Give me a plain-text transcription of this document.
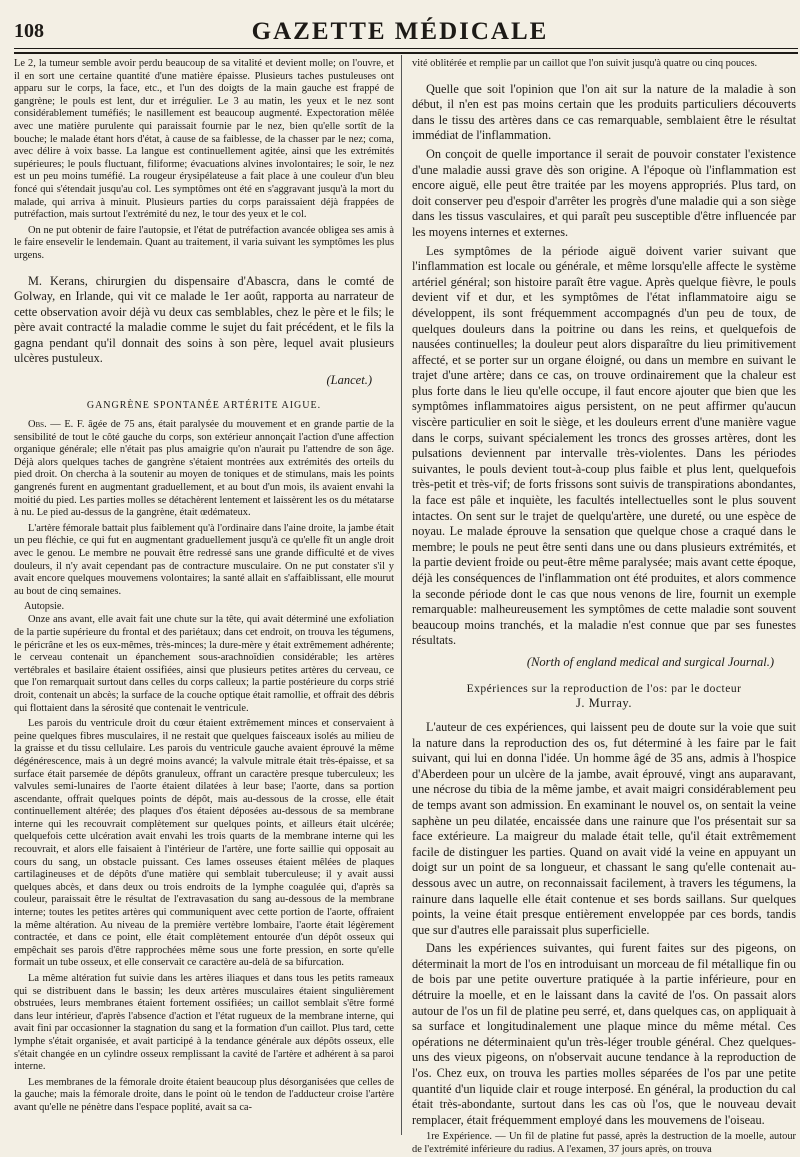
108	GAZETTE MÉDICALE

Le 2, la tumeur semble avoir perdu beaucoup de sa vitalité et devient molle; on l'ouvre, et il en sort une certaine quantité d'une matière épaisse. Plusieurs taches pustuleuses ont apparu sur le corps, la face, etc., et l'un des doigts de la main gauche est frappé de gangrène; le pouls est lent, dur et irrégulier. Le 3 au matin, les yeux et le nez sont considérablement tuméfiés; le nasillement est beaucoup augmenté. Expectoration mêlée avec une matière purulente qui paraissait fournie par le nez, bien qu'elle sortît de la bouche; le malade étant hors d'état, à cause de sa faiblesse, de la chasser par le nez; coma, avec délire à voix basse. La langue est continuellement agitée, ainsi que les extrémités supérieures; le pouls fluctuant, filiforme; évacuations alvines involontaires; le soir, le nez est un peu moins tuméfié. La rougeur érysipélateuse a fait place à une couleur d'un bleu foncé qui s'étendait jusqu'au col. Les symptômes ont été en s'aggravant jusqu'à la mort du malade, qui arriva à minuit. Plusieurs parties du corps paraissaient déjà frappées de putréfaction, mais surtout l'extrémité du nez, le tour des yeux et le col.

On ne put obtenir de faire l'autopsie, et l'état de putréfaction avancée obligea ses amis à le faire ensevelir le lendemain. Quant au traitement, il varia suivant les symptômes les plus urgens.

M. Kerans, chirurgien du dispensaire d'Abascra, dans le comté de Golway, en Irlande, qui vit ce malade le 1er août, rapporta au narrateur de cette observation avoir déjà vu deux cas semblables, chez le père et le fils; le père avait contracté la maladie comme le sujet du fait précédent, et le fils la gagna pendant qu'il donnait des soins à son père, lequel avait plusieurs ulcères pustuleux.

(Lancet.)

GANGRÈNE SPONTANÉE ARTÉRITE AIGUE.

Obs. — E. F. âgée de 75 ans, était paralysée du mouvement et en grande partie de la sensibilité de tout le côté gauche du corps, son extérieur annonçait l'action d'une affection organique générale; elle n'était pas plus amaigrie qu'on n'aurait pu l'attendre de son âge. Déjà alors quelques taches de gangrène s'étaient montrées aux extrémités des orteils du pied droit. On chercha à la soutenir au moyen de toniques et de stimulans, mais les points gangrenés furent en augmentant graduellement, et au bout d'un mois, ils avaient envahi la moitié du pied. Les parties molles se détachèrent lentement et laissèrent les os du métatarse à nu. Le pied au-dessus de la gangrène, était œdémateux.

L'artère fémorale battait plus faiblement qu'à l'ordinaire dans l'aine droite, la jambe était un peu fléchie, ce qui fut en augmentant graduellement jusqu'à ce qu'elle fît un angle droit avec le genou. Le membre ne pouvait être redressé sans une grande difficulté et de vives douleurs, il n'y avait cependant pas de contracture musculaire. On ne put constater s'il y avait encore quelques mouvemens volontaires; la santé allait en s'affaiblissant, elle mourut au bout de cinq semaines.

Autopsie.

Onze ans avant, elle avait fait une chute sur la tête, qui avait déterminé une exfoliation de la partie supérieure du frontal et des pariétaux; dans cet endroit, on trouva les tégumens, le péricrâne et les os eux-mêmes, très-minces; la dure-mère y était extrêmement adhérente; le cerveau contenait un épanchement sous-arachnoïdien considérable; les artères vertébrales et basilaire étaient ossifiées, ainsi que plusieurs petites artères du cerveau, ce que l'on remarquait surtout dans celles du corps calleux; la partie postérieure du corps strié droit, contenait un abcès; la surface de la couche optique était ramollie, et offrait des débris qui flottaient dans la sérosité que contenait le ventricule.

Les parois du ventricule droit du cœur étaient extrêmement minces et conservaient à peine quelques fibres musculaires, il ne restait que quelques faisceaux isolés au milieu de la graisse et du tissu cellulaire. Les parois du ventricule gauche avaient éprouvé la même dégénérescence, mais à un degré moins avancé; la valvule mitrale était très-épaisse, et sa surface était parsemée de dépôts granuleux, offrant un caractère presque tuberculeux; les valvules semi-lunaires de l'aorte étaient dilatées à leur base; l'aorte, dans sa portion ascendante, offrait quelques points de dépôt, mais au-dessous de la crosse, elle était continuellement altérée; des plaques d'os étaient déposées au-dessous de sa membrane interne qui les recouvrait complètement sur quelques points, et ailleurs était ulcérée; quelquefois cette ulcération avait envahi les trois quarts de la membrane interne qui les recouvrait, et alors elle faisaient à l'intérieur de l'artère, une forte saillie qui opposait au cours du sang, un obstacle puissant. Ces lames osseuses étaient mêlées de plaques cartilagineuses et de dépôts d'une matière qui semblait tuberculeuse; il y avait aussi quelques abcès, et dans deux ou trois endroits de la lymphe coagulée qui, d'après sa couleur, paraissait être le résultat de l'extravasation du sang au-dessous de la membrane interne; toutes les petites artères qui communiquent avec cette portion de l'aorte, offraient la même altération. Au niveau de la première vertèbre lombaire, l'aorte était légèrement contractée, et dans ce point, elle était complètement entourée d'un dépôt osseux qui empêchait ses parois d'être rapprochées même sous une forte pression, en sorte qu'elle formait un tube osseux, et elle conservait ce caractère au-delà de sa bifurcation.

La même altération fut suivie dans les artères iliaques et dans tous les petits rameaux qui se distribuent dans le bassin; les deux artères musculaires étaient singulièrement obstruées, leurs membranes étaient fortement ossifiées; un caillot semblait s'être formé dans leur intérieur, d'après l'absence d'action et l'état rugueux de la membrane interne, qui avait fini par occasionner la stagnation du sang et la formation d'un caillot. Plus tard, cette lymphe s'était organisée, et avait participé à la tendance générale aux dépôts osseux, elle s'était changée en un cylindre osseux remplissant la cavité de l'artère et adhérent à sa paroi interne.

Les membranes de la fémorale droite étaient beaucoup plus désorganisées que celles de la gauche; mais la fémorale droite, dans le point où le tendon de l'adducteur croise l'artère avant qu'elle ne pénètre dans l'espace poplité, avait sa ca-

vité oblitérée et remplie par un caillot que l'on suivit jusqu'à quatre ou cinq pouces.

Quelle que soit l'opinion que l'on ait sur la nature de la maladie à son début, il n'en est pas moins certain que les produits particuliers découverts dans le tissu des artères dans ce cas remarquable, semblaient être le résultat immédiat de l'inflammation.

On conçoit de quelle importance il serait de pouvoir constater l'existence d'une maladie aussi grave dès son origine. A l'époque où l'inflammation est encore aiguë, elle peut être traitée par les moyens appropriés. Plus tard, on doit conserver peu d'espoir d'arrêter les progrès d'une maladie qui a son siège dans les tissus vasculaires, et qui paraît peu susceptible d'être influencée par les moyens internes et externes.

Les symptômes de la période aiguë doivent varier suivant que l'inflammation est locale ou générale, et même lorsqu'elle affecte le système artériel général; son histoire paraît être vague. Après quelque fièvre, le pouls devient vif et dur, et les symptômes de l'état inflammatoire aigu se développent, ils sont fréquemment accompagnés d'un peu de toux, de quelques douleurs dans la poitrine ou dans les reins, et quelquefois de nausées continuelles; la douleur peut alors disparaître du lieu primitivement affecté, et se porter sur un organe éloigné, ou dans un membre en suivant le trajet d'une artère; dans ce cas, on trouve ordinairement que la chaleur est plus forte dans le lieu qu'elle occupe, il faut encore ajouter que bien que les symptômes inflammatoires aigus persistent, on ne peut affirmer qu'aucun viscère particulier en soit le siège, et les douleurs errent d'une manière vague dans le corps, suivant spécialement les troncs des grosses artères, dont les pulsations deviennent par intervalle très-violentes. Dans les périodes suivantes, le pouls devient tout-à-coup plus faible et plus lent, quelquefois très-petit et très-vif; de forts frissons sont suivis de transpirations abondantes, la face est pâle et inquiète, les facultés intellectuelles sont le plus souvent intactes. On sent sur le trajet de quelqu'artère, une dureté, ou une espèce de noyau. Le malade éprouve la sensation que quelque chose a craqué dans le membre; le pouls ne peut être senti dans une ou dans plusieurs extrémités, et la partie devient froide ou peut-être même paralysée; mais avant cette époque, déjà les conséquences de l'inflammation ont été produites, et alors commence la seconde période dont le cas que nous venons de lire, fournit un exemple remarquable: malheureusement les symptômes de cette maladie sont souvent beaucoup moins tranchés, et la maladie n'est connue que par ses funestes résultats.

(North of england medical and surgical Journal.)

Expériences sur la reproduction de l'os: par le docteur
J. Murray.

L'auteur de ces expériences, qui laissent peu de doute sur la voie que suit la nature dans la reproduction des os, fut déterminé à les faire par le fait suivant, qui lui en donna l'idée. Un homme âgé de 35 ans, admis à l'hospice d'Aberdeen pour un ulcère de la jambe, avait éprouvé, vingt ans auparavant, une nécrose du tibia de la même jambe, et avait maigri considérablement peu de temps avant son admission. En examinant le nouvel os, on sentait la veine saphène un peu dilatée, encaissée dans une rainure que l'os présentait sur sa face extérieure. La maigreur du malade était telle, qu'il était extrêmement facile de distinguer les parties. Quand on avait vidé la veine en appuyant un doigt sur un point de sa longueur, et chassant le sang qu'elle contenait au-dessous avec un autre, on reconnaissait facilement, à travers les tégumens, la rainure dans laquelle elle était contenue et ses bords saillans. Sur quelques points, la veine était presque entièrement enveloppée par ces bords, tandis que sur d'autres elle paraissait plus superficielle.

Dans les expériences suivantes, qui furent faites sur des pigeons, on déterminait la mort de l'os en introduisant un morceau de fil métallique fin ou de bois par une petite ouverture pratiquée à la partie inférieure, pour en détruire la moelle, et en le laissant dans la cavité de l'os. On passait alors autour de l'os un fil de platine peu serré, et, dans quelques cas, on appliquait à sa surface et longitudinalement une plaque mince du même métal. Ces opérations ne déterminaient qu'un très-léger trouble général. Chez quelques-uns des vieux pigeons, on n'observait aucune tendance à la reproduction de l'os. Chez eux, on trouva les parties molles séparées de l'os par une petite quantité d'un liquide clair et rouge interposé. En général, la production du cal était très-abondante, surtout dans les cas où l'os, que le nouveau devait remplacer, était fréquemment employé dans les mouvemens de l'oiseau.

1re Expérience. — Un fil de platine fut passé, après la destruction de la moelle, autour de l'extrémité inférieure du radius. A l'examen, 37 jours après, on trouva
